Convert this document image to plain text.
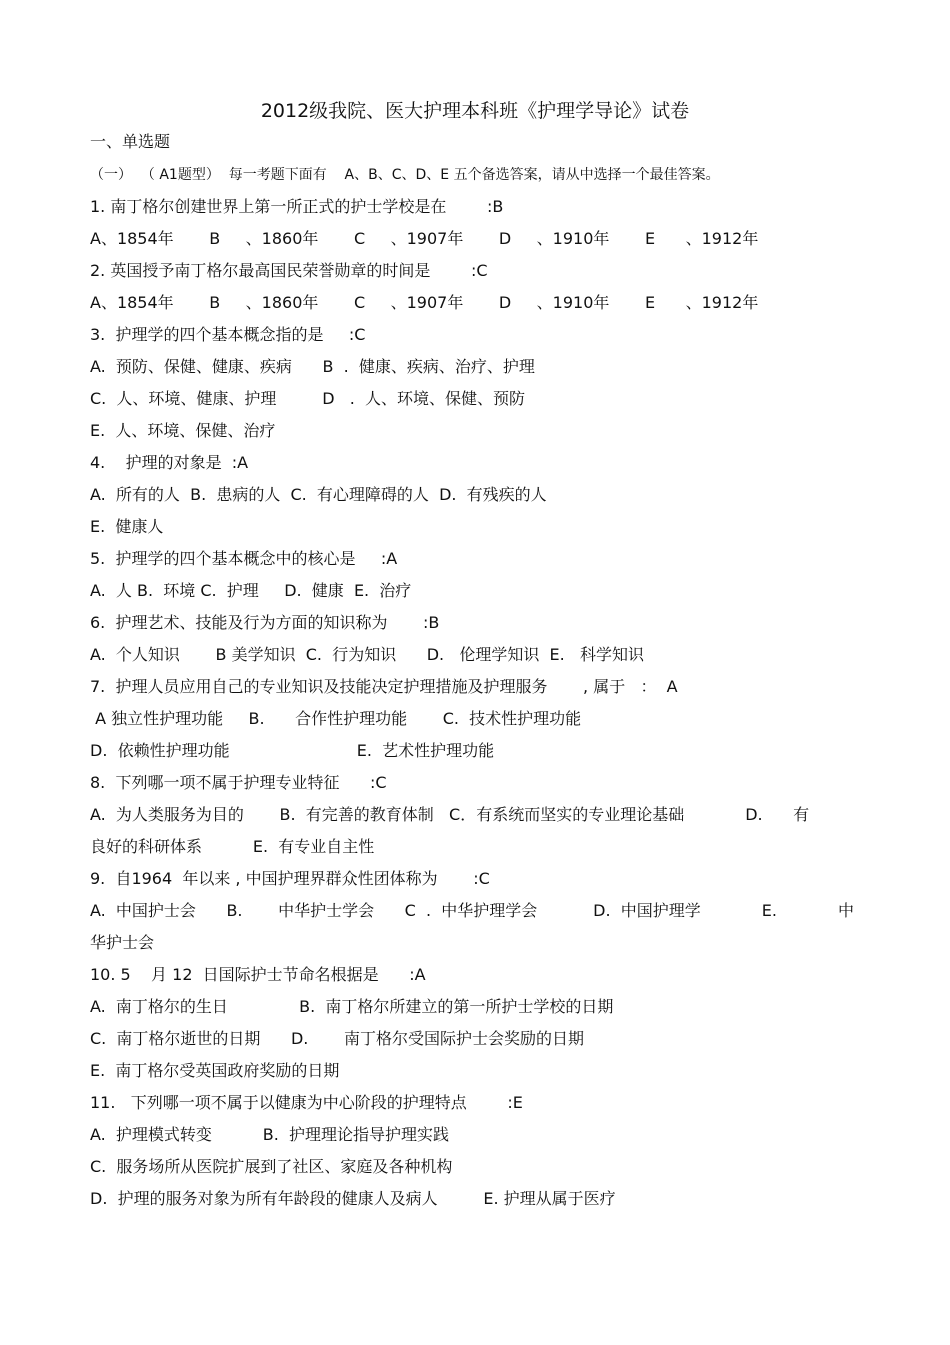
2012级我院、医大护理本科班《护理学导论》试卷
一、单选题
（一）  （ A1题型）  每一考题下面有    A、B、C、D、E 五个备选答案，请从中选择一个最佳答案。
1. 南丁格尔创建世界上第一所正式的护士学校是在        :B
A、1854年       B     、1860年       C     、1907年       D     、1910年       E      、1912年
2. 英国授予南丁格尔最高国民荣誉勋章的时间是        :C
A、1854年       B     、1860年       C     、1907年       D     、1910年       E      、1912年
3.  护理学的四个基本概念指的是     :C
A.  预防、保健、健康、疾病      B  .  健康、疾病、治疗、护理
C.  人、环境、健康、护理         D   .  人、环境、保健、预防
E.  人、环境、保健、治疗
4.    护理的对象是  :A
A.  所有的人  B.  患病的人  C.  有心理障碍的人  D.  有残疾的人
E.  健康人
5.  护理学的四个基本概念中的核心是     :A
A.  人 B.  环境 C.  护理     D.  健康  E.  治疗
6.  护理艺术、技能及行为方面的知识称为       :B
A.  个人知识       B 美学知识  C.  行为知识      D.   伦理学知识  E.   科学知识
7.  护理人员应用自己的专业知识及技能决定护理措施及护理服务       , 属于   ：  A
A 独立性护理功能     B.      合作性护理功能       C.  技术性护理功能
D.  依赖性护理功能                         E.  艺术性护理功能
8.  下列哪一项不属于护理专业特征      :C
A.  为人类服务为目的       B.  有完善的教育体制   C．有系统而坚实的专业理论基础            D.      有
良好的科研体系          E.  有专业自主性
9.  自1964  年以来 , 中国护理界群众性团体称为       :C
A.  中国护士会      B.       中华护士学会      C  .  中华护理学会           D.  中国护理学            E.            中
华护士会
10. 5    月 12  日国际护士节命名根据是      :A
A.  南丁格尔的生日              B.  南丁格尔所建立的第一所护士学校的日期
C.  南丁格尔逝世的日期      D.       南丁格尔受国际护士会奖励的日期
E.  南丁格尔受英国政府奖励的日期
11.   下列哪一项不属于以健康为中心阶段的护理特点        :E
A.  护理模式转变          B.  护理理论指导护理实践
C.  服务场所从医院扩展到了社区、家庭及各种机构
D.  护理的服务对象为所有年龄段的健康人及病人         E. 护理从属于医疗
